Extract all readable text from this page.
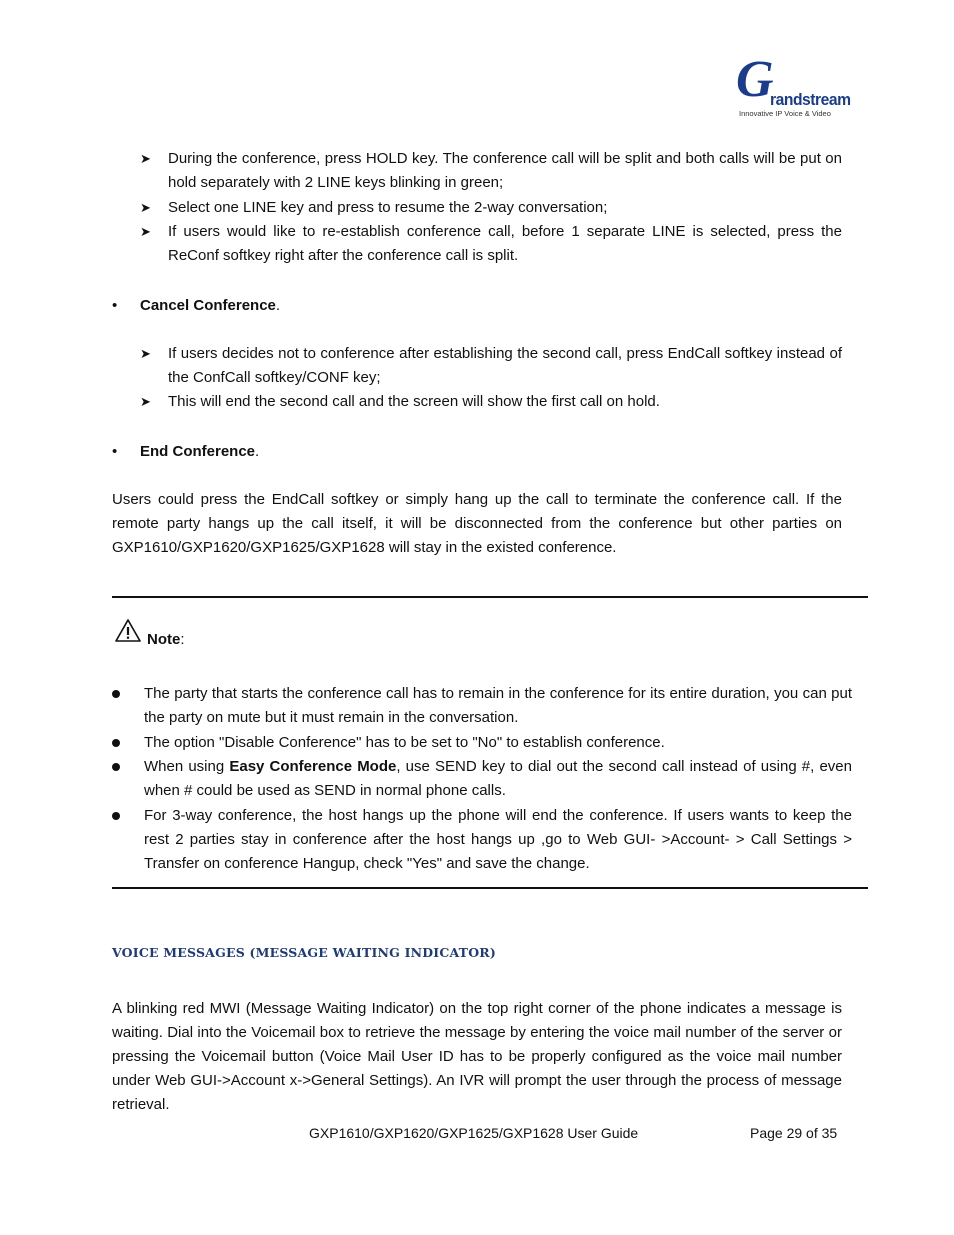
G
randstream
Innovative IP Voice & Video
➤	During the conference, press HOLD key. The conference call will be split and both calls will be put on hold separately with 2 LINE keys blinking in green;
➤	Select one LINE key and press to resume the 2-way conversation;
➤	If users would like to re-establish conference call, before 1 separate LINE is selected, press the ReConf softkey right after the conference call is split.
• Cancel Conference.
➤	If users decides not to conference after establishing the second call, press EndCall softkey instead of the ConfCall softkey/CONF key;
➤	This will end the second call and the screen will show the first call on hold.
• End Conference.
Users could press the EndCall softkey or simply hang up the call to terminate the conference call. If the remote party hangs up the call itself, it will be disconnected from the conference but other parties on GXP1610/GXP1620/GXP1625/GXP1628 will stay in the existed conference.
Note:
The party that starts the conference call has to remain in the conference for its entire duration, you can put the party on mute but it must remain in the conversation.
The option "Disable Conference" has to be set to "No" to establish conference.
When using Easy Conference Mode, use SEND key to dial out the second call instead of using #, even when # could be used as SEND in normal phone calls.
For 3-way conference, the host hangs up the phone will end the conference. If users wants to keep the rest 2 parties stay in conference after the host hangs up ,go to Web GUI- >Account- > Call Settings > Transfer on conference Hangup, check "Yes" and save the change.
VOICE MESSAGES (MESSAGE WAITING INDICATOR)
A blinking red MWI (Message Waiting Indicator) on the top right corner of the phone indicates a message is waiting. Dial into the Voicemail box to retrieve the message by entering the voice mail number of the server or pressing the Voicemail button (Voice Mail User ID has to be properly configured as the voice mail number under Web GUI->Account x->General Settings). An IVR will prompt the user through the process of message retrieval.
GXP1610/GXP1620/GXP1625/GXP1628 User Guide	Page 29 of 35
